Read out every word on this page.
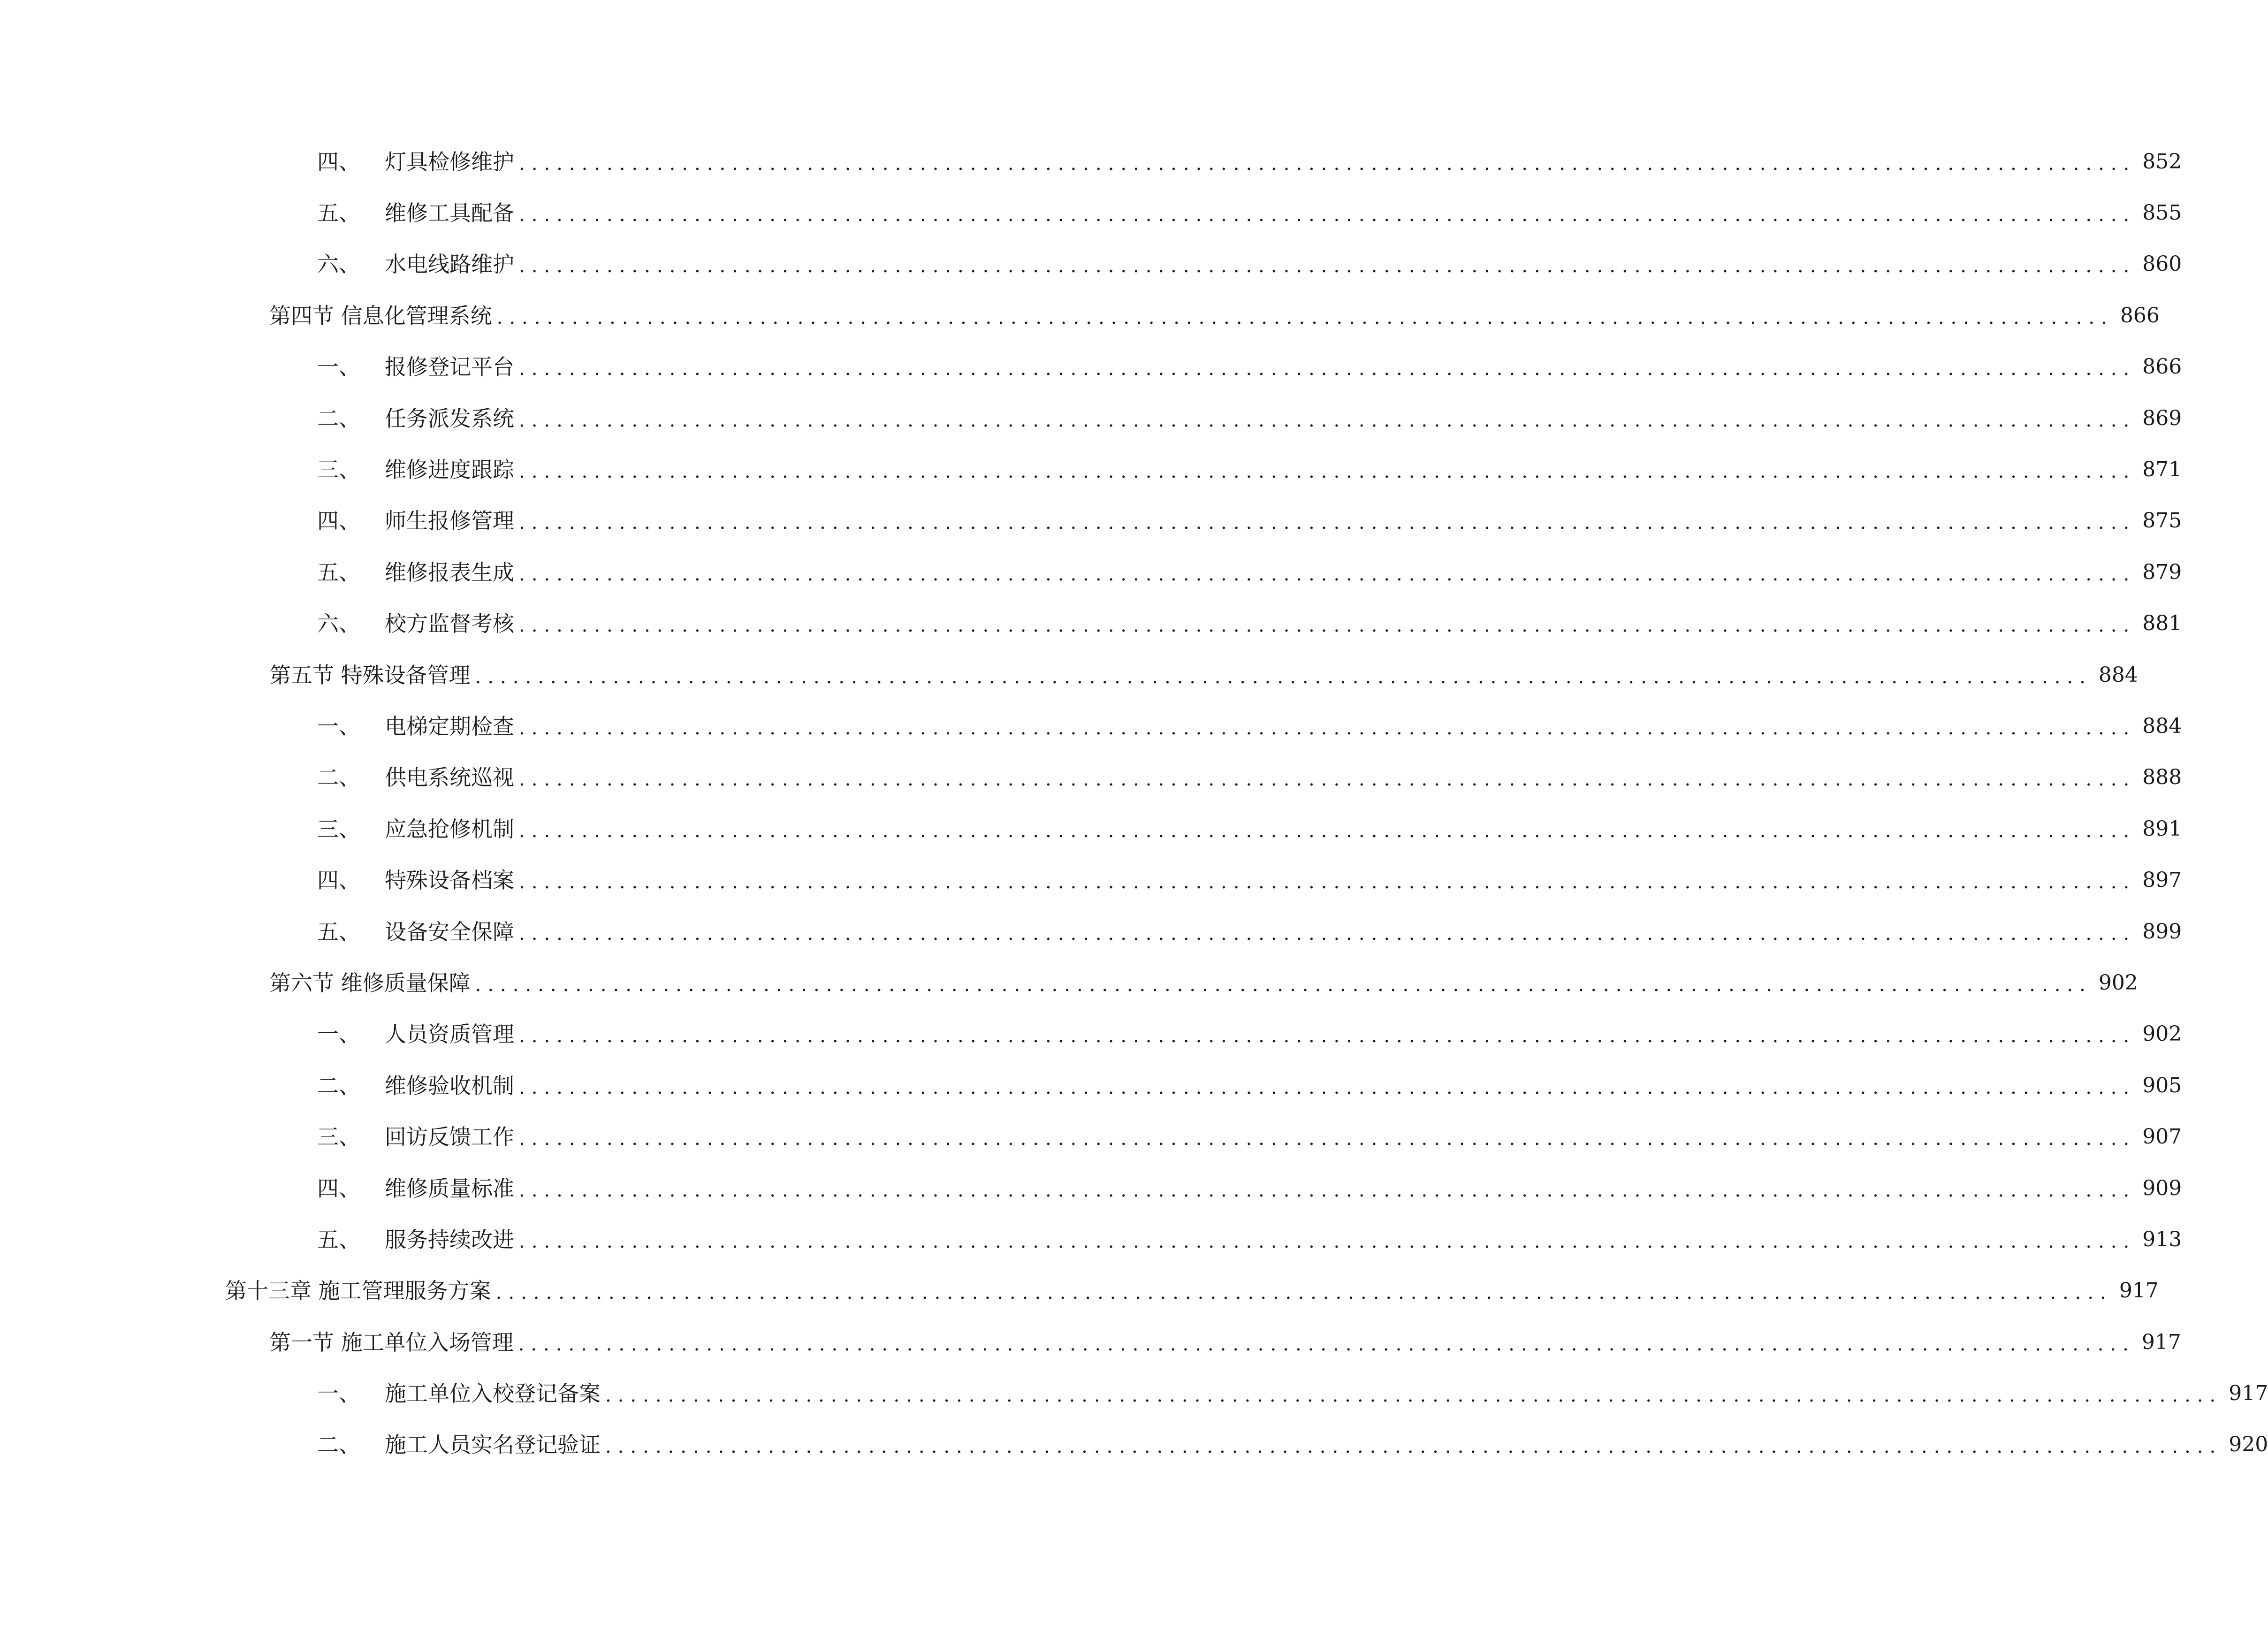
四、	灯具检修维护 ................................................................................................................................. 852
五、	维修工具配备 ................................................................................................................................. 855
六、	水电线路维护 ................................................................................................................................. 860
第四节 信息化管理系统 ................................................................................................................................. 866
一、	报修登记平台 ................................................................................................................................. 866
二、	任务派发系统 ................................................................................................................................. 869
三、	维修进度跟踪 ................................................................................................................................. 871
四、	师生报修管理 ................................................................................................................................. 875
五、	维修报表生成 ................................................................................................................................. 879
六、	校方监督考核 ................................................................................................................................. 881
第五节 特殊设备管理 ................................................................................................................................. 884
一、	电梯定期检查 ................................................................................................................................. 884
二、	供电系统巡视 ................................................................................................................................. 888
三、	应急抢修机制 ................................................................................................................................. 891
四、	特殊设备档案 ................................................................................................................................. 897
五、	设备安全保障 ................................................................................................................................. 899
第六节 维修质量保障 ................................................................................................................................. 902
一、	人员资质管理 ................................................................................................................................. 902
二、	维修验收机制 ................................................................................................................................. 905
三、	回访反馈工作 ................................................................................................................................. 907
四、	维修质量标准 ................................................................................................................................. 909
五、	服务持续改进 ................................................................................................................................. 913
第十三章 施工管理服务方案 ................................................................................................................................. 917
第一节 施工单位入场管理 ................................................................................................................................. 917
一、	施工单位入校登记备案 ................................................................................................................................. 917
二、	施工人员实名登记验证 ................................................................................................................................. 920
